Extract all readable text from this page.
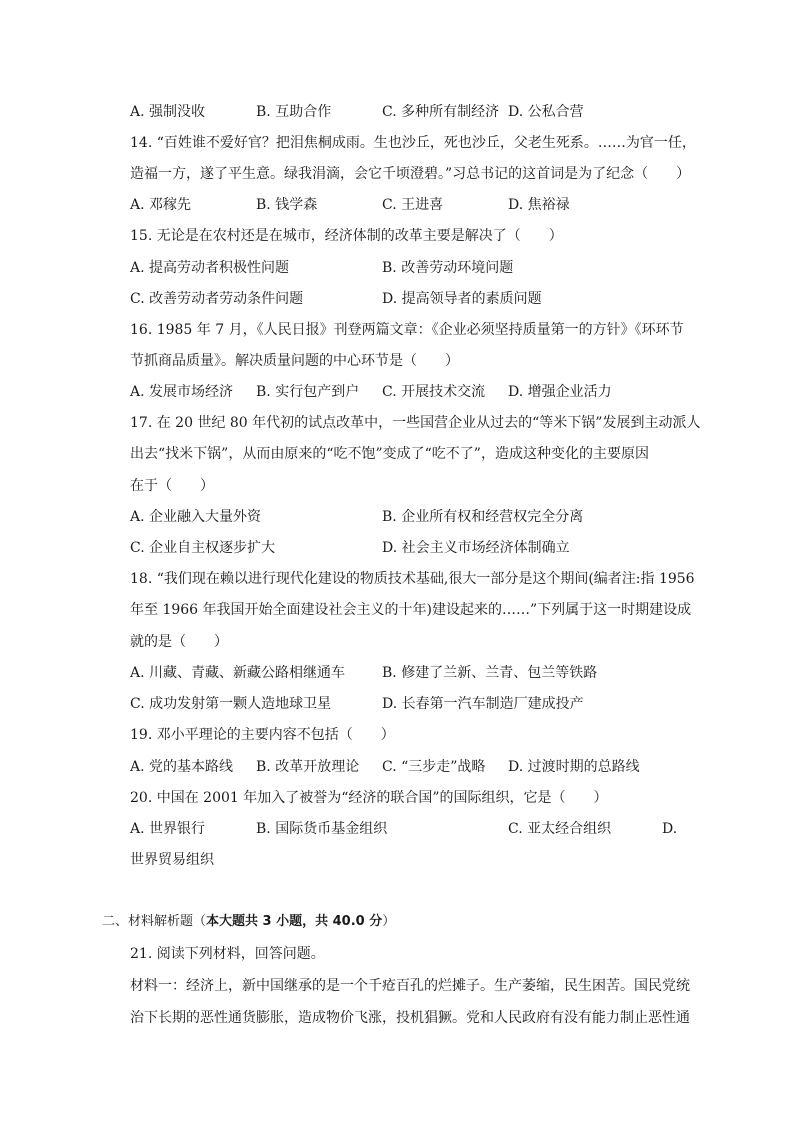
A. 强制没收	B. 互助合作	C. 多种所有制经济 D. 公私合营
14. “百姓谁不爱好官？把泪焦桐成雨。生也沙丘，死也沙丘，父老生死系。……为官一任，
造福一方，遂了平生意。绿我涓滴，会它千顷澄碧。”习总书记的这首词是为了纪念（　　）
A. 邓稼先	B. 钱学森	C. 王进喜	D. 焦裕禄
15. 无论是在农村还是在城市，经济体制的改革主要是解决了（　　）
A. 提高劳动者积极性问题	B. 改善劳动环境问题
C. 改善劳动者劳动条件问题	D. 提高领导者的素质问题
16. 1985 年 7 月，《人民日报》刊登两篇文章：《企业必须坚持质量第一的方针》《环环节
节抓商品质量》。解决质量问题的中心环节是（　　）
A. 发展市场经济 B. 实行包产到户 C. 开展技术交流 D. 增强企业活力
17. 在 20 世纪 80 年代初的试点改革中，一些国营企业从过去的“等米下锅”发展到主动派人
出去“找米下锅”，从而由原来的“吃不饱”变成了“吃不了”，造成这种变化的主要原因
在于（　　）
A. 企业融入大量外资	B. 企业所有权和经营权完全分离
C. 企业自主权逐步扩大	D. 社会主义市场经济体制确立
18. “我们现在赖以进行现代化建设的物质技术基础,很大一部分是这个期间(编者注:指 1956
年至 1966 年我国开始全面建设社会主义的十年)建设起来的……”下列属于这一时期建设成
就的是（　　）
A. 川藏、青藏、新藏公路相继通车	B. 修建了兰新、兰青、包兰等铁路
C. 成功发射第一颗人造地球卫星	D. 长春第一汽车制造厂建成投产
19. 邓小平理论的主要内容不包括（　　）
A. 党的基本路线 B. 改革开放理论 C. “三步走”战略 D. 过渡时期的总路线
20. 中国在 2001 年加入了被誉为“经济的联合国”的国际组织，它是（　　）
A. 世界银行	B. 国际货币基金组织	C. 亚太经合组织	D.
世界贸易组织
二、材料解析题（本大题共 3 小题，共 40.0 分）
21. 阅读下列材料，回答问题。
材料一：经济上，新中国继承的是一个千疮百孔的烂摊子。生产萎缩，民生困苦。国民党统
治下长期的恶性通货膨胀，造成物价飞涨，投机猖獗。党和人民政府有没有能力制止恶性通
